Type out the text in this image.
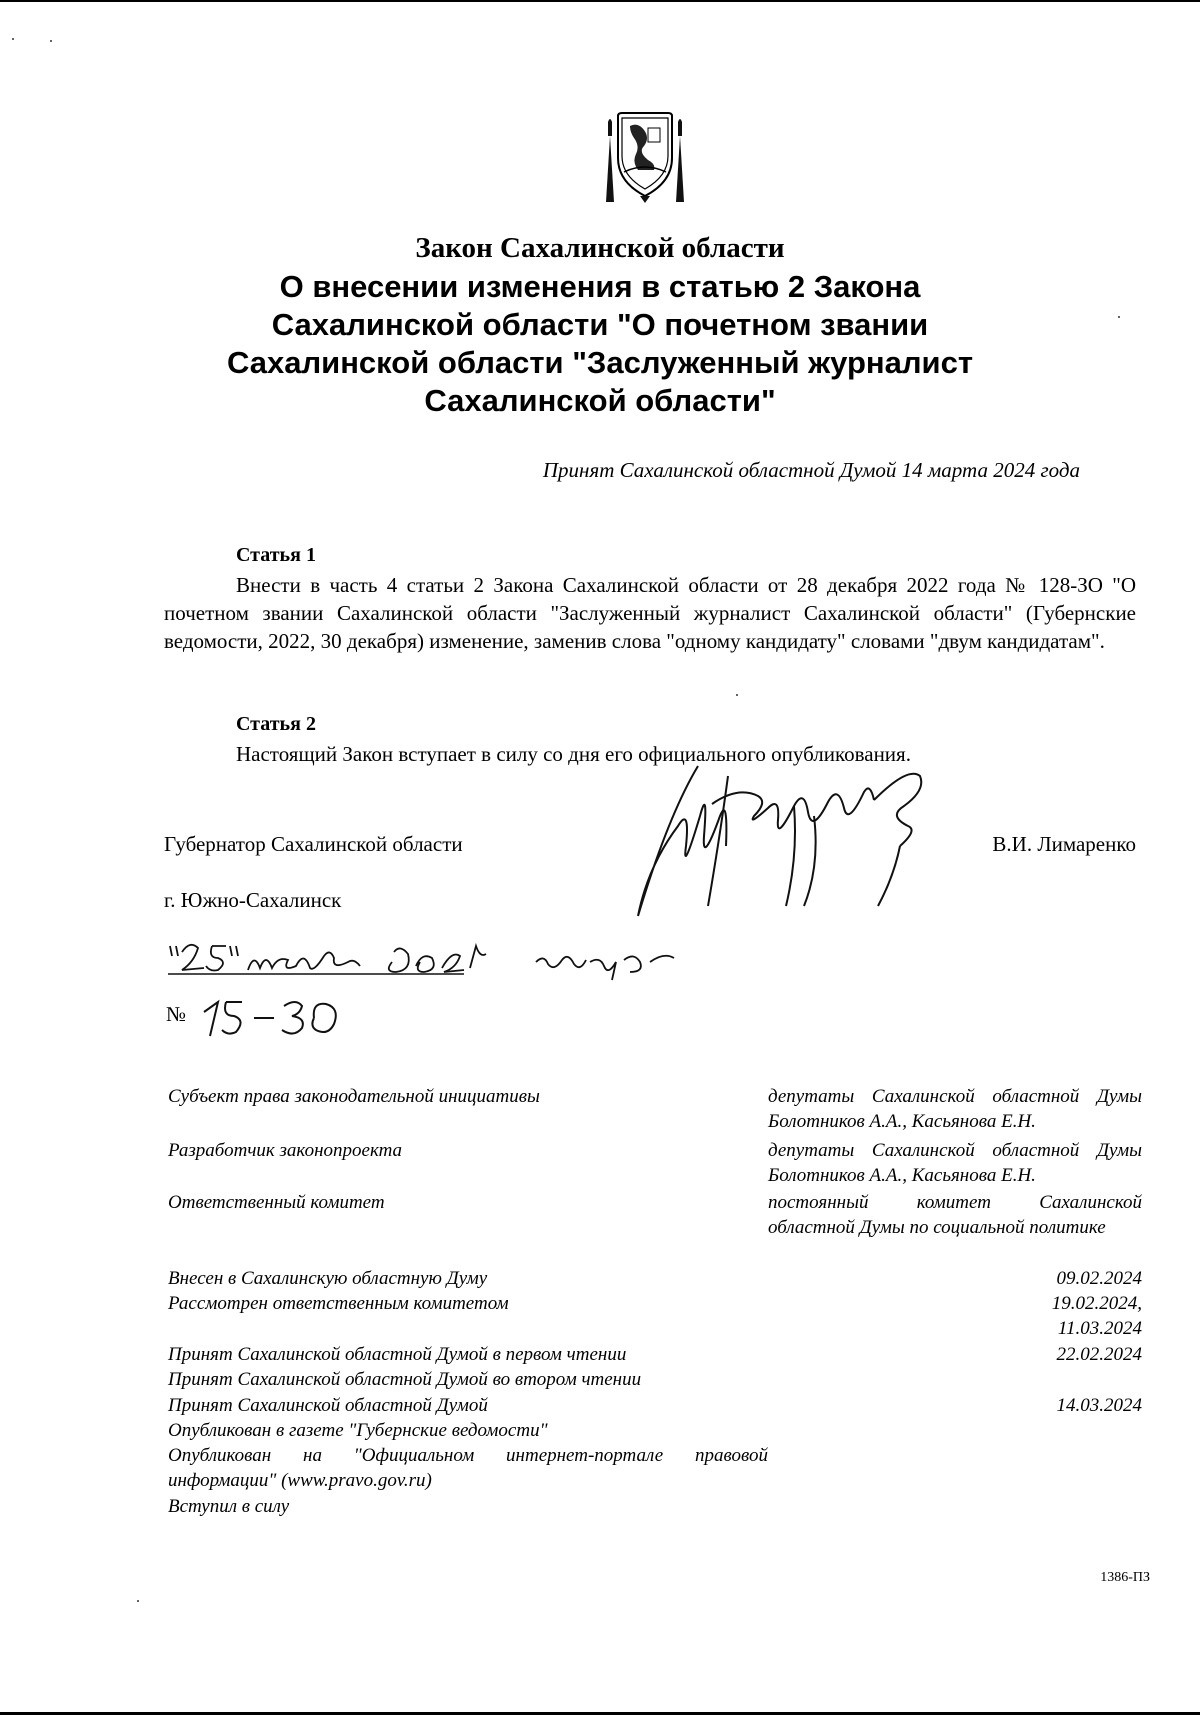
Закон Сахалинской области
О внесении изменения в статью 2 Закона
Сахалинской области "О почетном звании
Сахалинской области "Заслуженный журналист
Сахалинской области"
Принят Сахалинской областной Думой 14 марта 2024 года
Статья 1
Внести в часть 4 статьи 2 Закона Сахалинской области от 28 декабря 2022 года № 128-ЗО "О почетном звании Сахалинской области "Заслуженный журналист Сахалинской области" (Губернские ведомости, 2022, 30 декабря) изменение, заменив слова "одному кандидату" словами "двум кандидатам".
Статья 2
Настоящий Закон вступает в силу со дня его официального опубликования.
Губернатор Сахалинской области	В.И. Лимаренко
г. Южно-Сахалинск
№
Субъект права законодательной инициативы	депутаты Сахалинской областной Думы Болотников А.А., Касьянова Е.Н.
Разработчик законопроекта	депутаты Сахалинской областной Думы Болотников А.А., Касьянова Е.Н.
Ответственный комитет	постоянный комитет Сахалинской областной Думы по социальной политике
Внесен в Сахалинскую областную Думу	09.02.2024
Рассмотрен ответственным комитетом	19.02.2024,
11.03.2024
Принят Сахалинской областной Думой в первом чтении	22.02.2024
Принят Сахалинской областной Думой во втором чтении
Принят Сахалинской областной Думой	14.03.2024
Опубликован в газете "Губернские ведомости"
Опубликован на "Официальном интернет-портале правовой информации" (www.pravo.gov.ru)
Вступил в силу
1386-ПЗ
